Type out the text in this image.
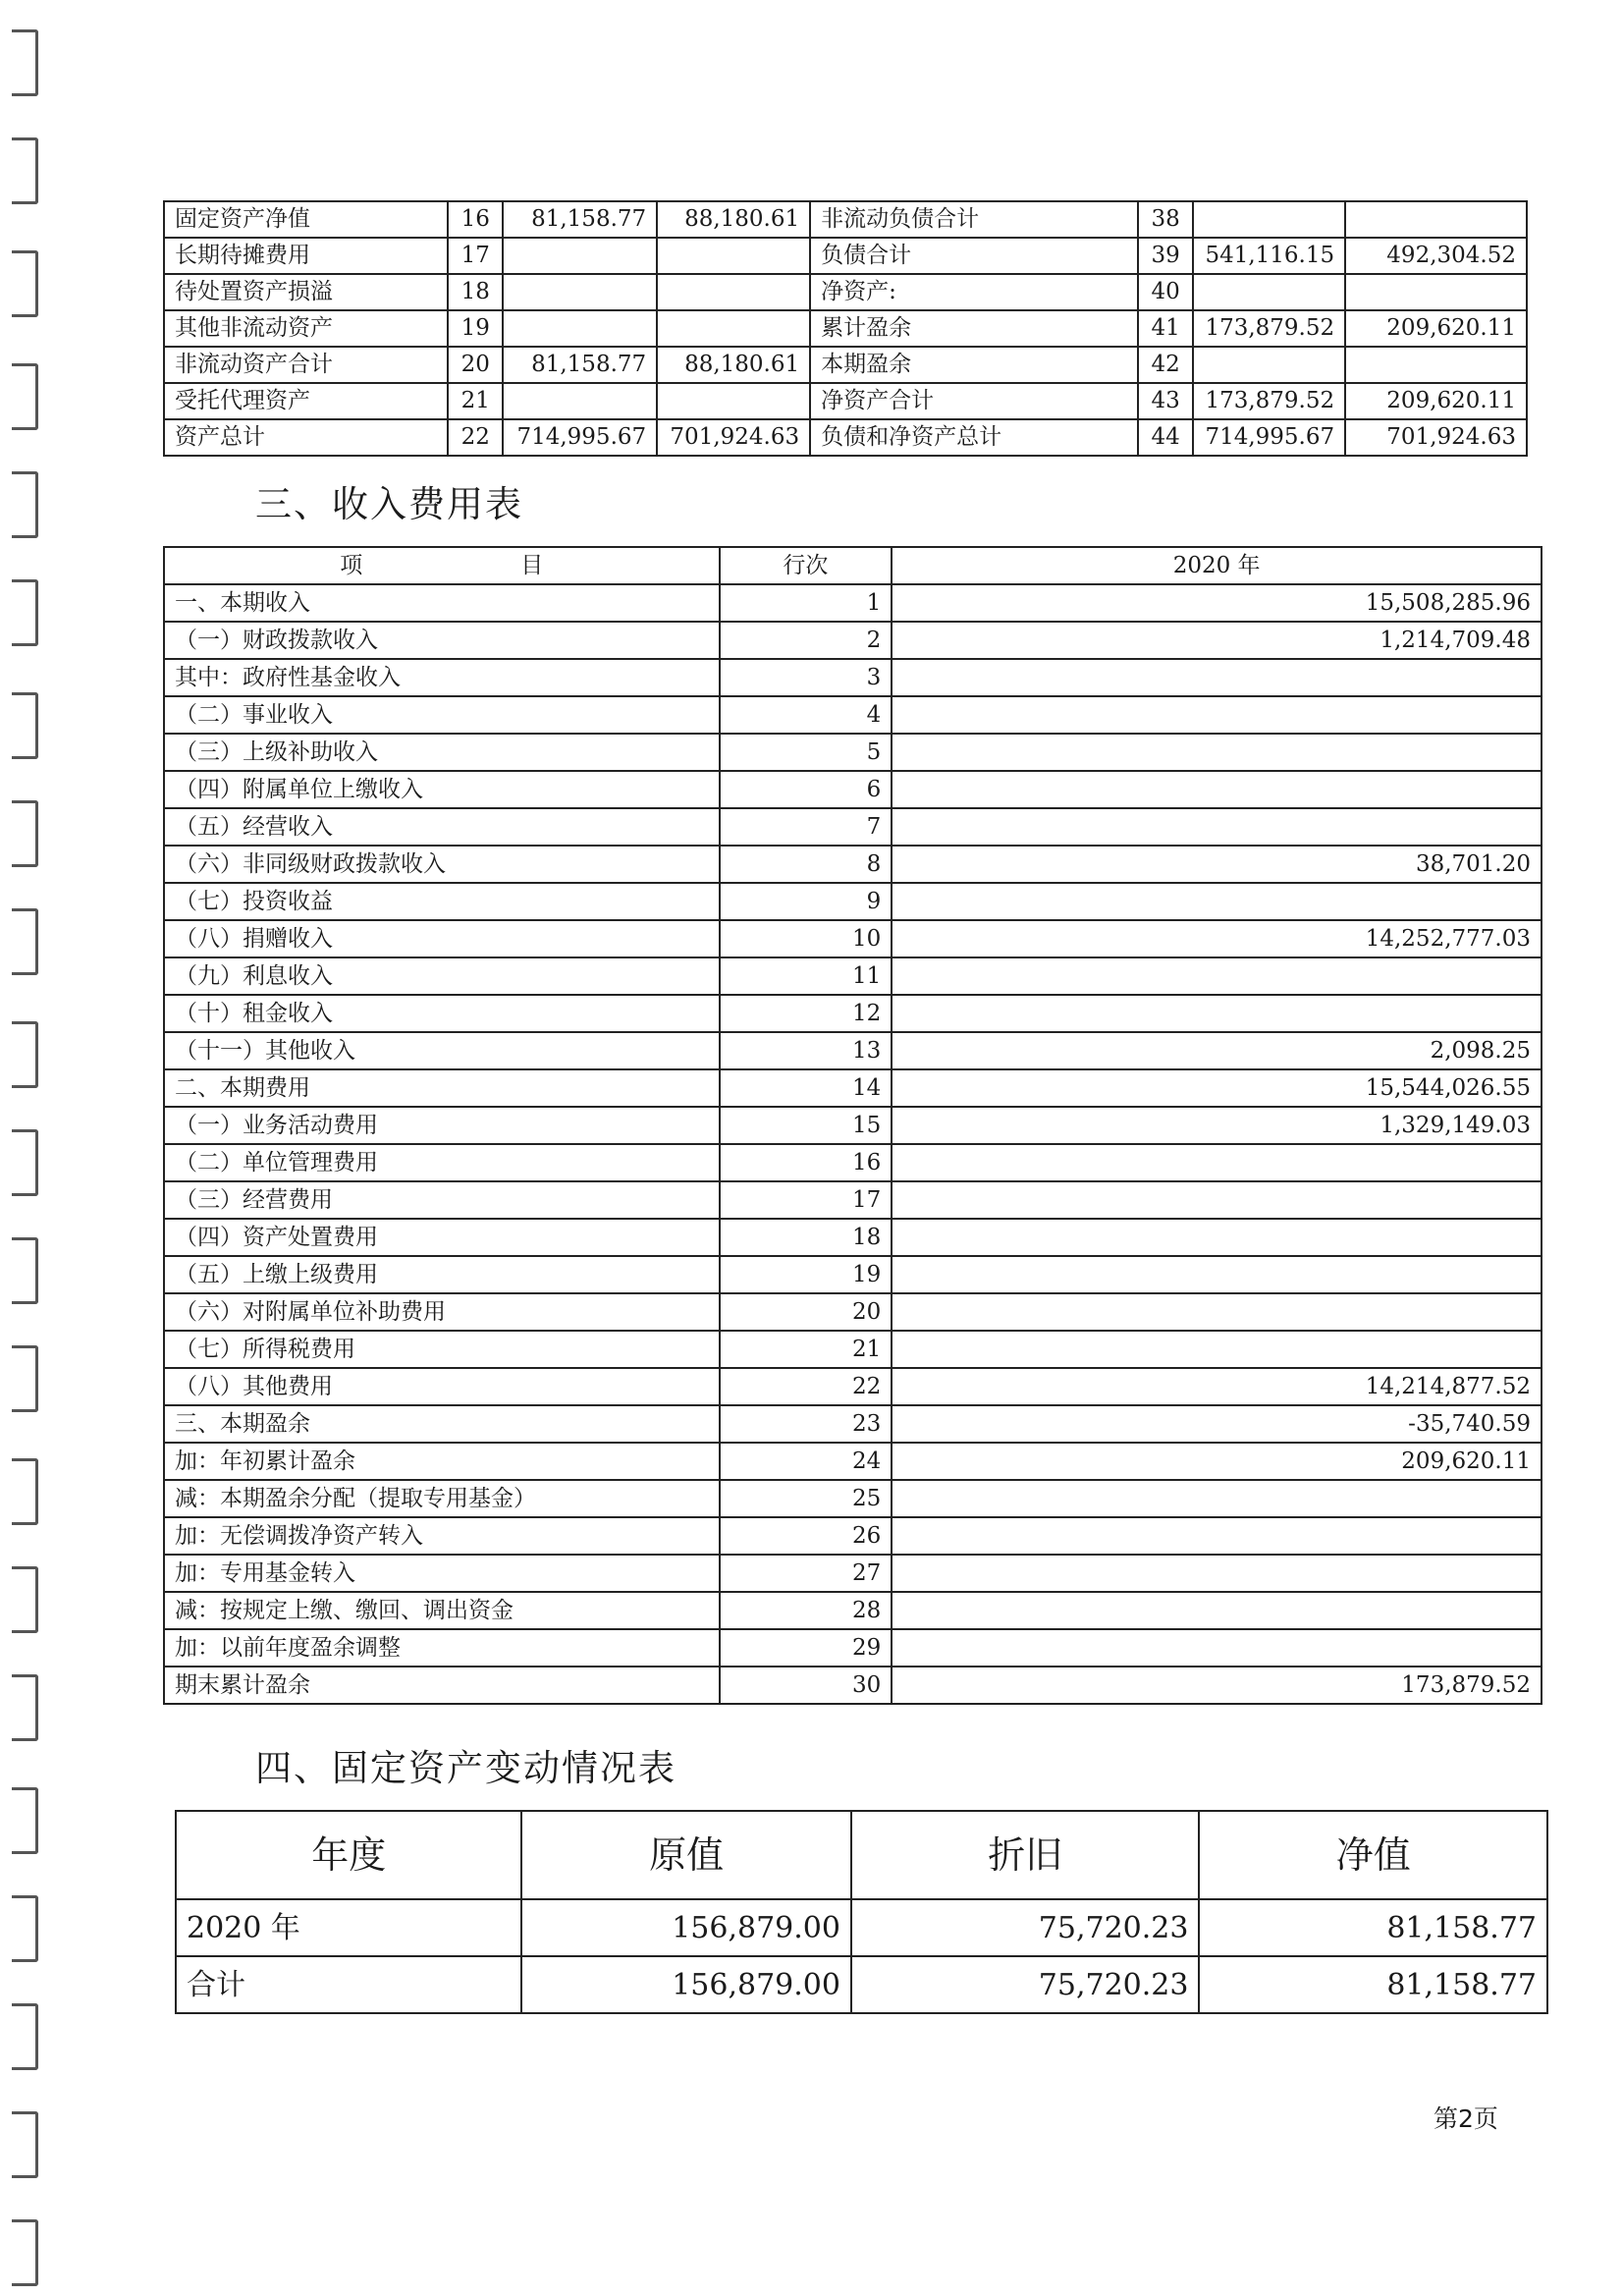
固定资产净值	16	81,158.77	88,180.61	非流动负债合计	38		
长期待摊费用	17			负债合计	39	541,116.15	492,304.52
待处置资产损溢	18			净资产:	40		
其他非流动资产	19			累计盈余	41	173,879.52	209,620.11
非流动资产合计	20	81,158.77	88,180.61	本期盈余	42		
受托代理资产	21			净资产合计	43	173,879.52	209,620.11
资产总计	22	714,995.67	701,924.63	负债和净资产总计	44	714,995.67	701,924.63
三、收入费用表
项　　　　　　　目	行次	2020 年
一、本期收入	1	15,508,285.96
（一）财政拨款收入	2	1,214,709.48
其中：政府性基金收入	3	
（二）事业收入	4	
（三）上级补助收入	5	
（四）附属单位上缴收入	6	
（五）经营收入	7	
（六）非同级财政拨款收入	8	38,701.20
（七）投资收益	9	
（八）捐赠收入	10	14,252,777.03
（九）利息收入	11	
（十）租金收入	12	
（十一）其他收入	13	2,098.25
二、本期费用	14	15,544,026.55
（一）业务活动费用	15	1,329,149.03
（二）单位管理费用	16	
（三）经营费用	17	
（四）资产处置费用	18	
（五）上缴上级费用	19	
（六）对附属单位补助费用	20	
（七）所得税费用	21	
（八）其他费用	22	14,214,877.52
三、本期盈余	23	-35,740.59
加：年初累计盈余	24	209,620.11
减：本期盈余分配（提取专用基金）	25	
加：无偿调拨净资产转入	26	
加：专用基金转入	27	
减：按规定上缴、缴回、调出资金	28	
加：以前年度盈余调整	29	
期末累计盈余	30	173,879.52
四、固定资产变动情况表
年度	原值	折旧	净值
2020 年	156,879.00	75,720.23	81,158.77
合计	156,879.00	75,720.23	81,158.77
第2页
